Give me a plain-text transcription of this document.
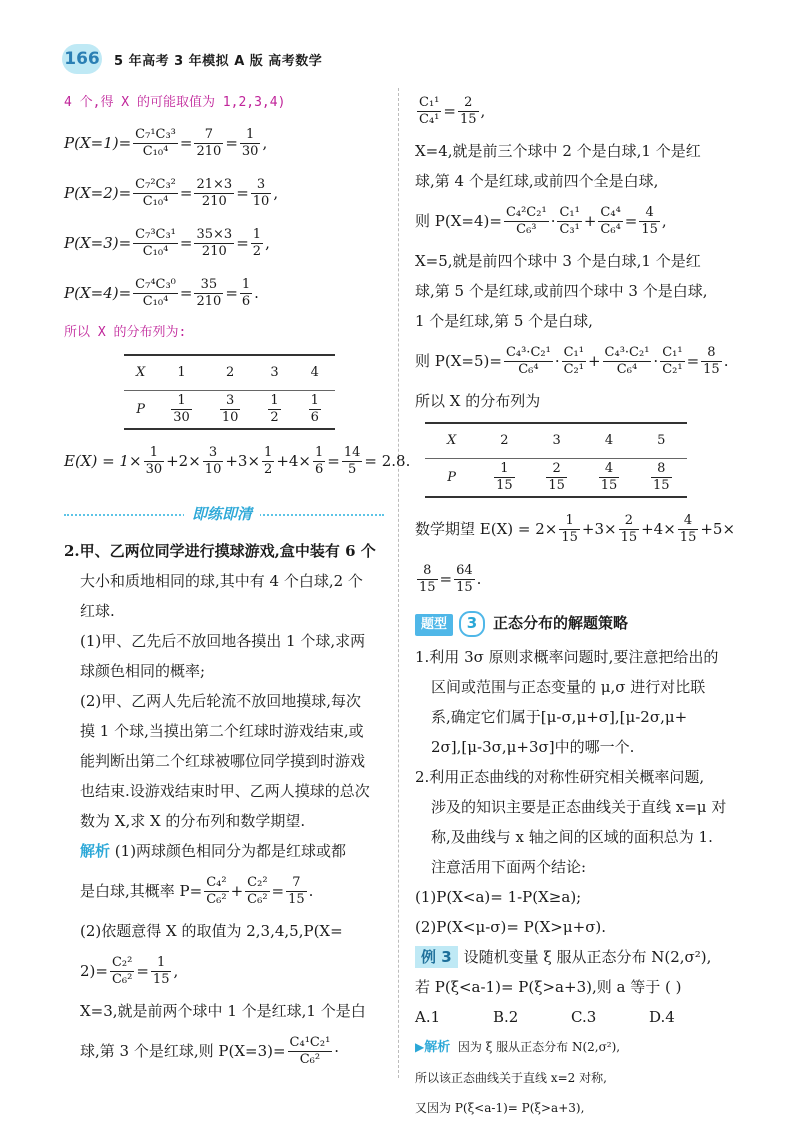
166 5 年高考 3 年模拟 A 版 高考数学
4 个,得 X 的可能取值为 1,2,3,4)
$P(X=1)= \frac{\text{C₇¹C₃³}}{\text{C₁₀⁴}} = \frac{7}{210} = \frac{1}{30}$ ,
$P(X=2)= \frac{\text{C₇²C₃²}}{\text{C₁₀⁴}} = \frac{21\times 3}{210} = \frac{3}{10}$ ,
$P(X=3)= \frac{\text{C₇³C₃¹}}{\text{C₁₀⁴}} = \frac{35\times 3}{210} = \frac{1}{2}$ ,
$P(X=4)= \frac{\text{C₇⁴C₃⁰}}{\text{C₁₀⁴}} = \frac{35}{210} = \frac{1}{6}$ .
所以 X 的分布列为:
X	1	2	3	4
P	$\frac{1}{30}$	$\frac{3}{10}$	$\frac{1}{2}$	$\frac{1}{6}$
$E(X) = 1\times \frac{1}{30} +2\times \frac{3}{10} +3\times \frac{1}{2} +4\times \frac{1}{6} = \frac{14}{5} = 2.8$.
即练即清
2.甲、乙两位同学进行摸球游戏,盒中装有 6 个
大小和质地相同的球,其中有 4 个白球,2 个
红球.
(1)甲、乙先后不放回地各摸出 1 个球,求两
球颜色相同的概率;
(2)甲、乙两人先后轮流不放回地摸球,每次
摸 1 个球,当摸出第二个红球时游戏结束,或
能判断出第二个红球被哪位同学摸到时游戏
也结束.设游戏结束时甲、乙两人摸球的总次
数为 X,求 X 的分布列和数学期望.
解析 (1)两球颜色相同分为都是红球或都
是白球,其概率 $P= \frac{\text{C₄²}}{\text{C₆²}} + \frac{\text{C₂²}}{\text{C₆²}} = \frac{7}{15}$ .
(2)依题意得 X 的取值为 2,3,4,5,P(X=
$2)= \frac{\text{C₂²}}{\text{C₆²}} = \frac{1}{15}$ ,
X=3,就是前两个球中 1 个是红球,1 个是白
球,第 3 个是红球,则 $P(X=3)= \frac{\text{C₄¹C₂¹}}{\text{C₆²}}$ ·
$\frac{\text{C₁¹}}{\text{C₄¹}} = \frac{2}{15}$ ,
X=4,就是前三个球中 2 个是白球,1 个是红
球,第 4 个是红球,或前四个全是白球,
则 $P(X=4)= \frac{\text{C₄²C₂¹}}{\text{C₆³}} \cdot \frac{\text{C₁¹}}{\text{C₃¹}} + \frac{\text{C₄⁴}}{\text{C₆⁴}} = \frac{4}{15}$ ,
X=5,就是前四个球中 3 个是白球,1 个是红
球,第 5 个是红球,或前四个球中 3 个是白球,
1 个是红球,第 5 个是白球,
则 $P(X=5)= \frac{\text{C₄³·C₂¹}}{\text{C₆⁴}} \cdot \frac{\text{C₁¹}}{\text{C₂¹}} + \frac{\text{C₄³·C₂¹}}{\text{C₆⁴}} \cdot \frac{\text{C₁¹}}{\text{C₂¹}} = \frac{8}{15}$ .
所以 X 的分布列为
X	2	3	4	5
P	$\frac{1}{15}$	$\frac{2}{15}$	$\frac{4}{15}$	$\frac{8}{15}$
数学期望 $E(X) = 2\times \frac{1}{15} +3\times \frac{2}{15} +4\times \frac{4}{15} +5\times$
$\frac{8}{15} = \frac{64}{15}$ .
题型 3 正态分布的解题策略
1.利用 3σ 原则求概率问题时,要注意把给出的
区间或范围与正态变量的 μ,σ 进行对比联
系,确定它们属于[μ-σ,μ+σ],[μ-2σ,μ+
2σ],[μ-3σ,μ+3σ]中的哪一个.
2.利用正态曲线的对称性研究相关概率问题,
涉及的知识主要是正态曲线关于直线 x=μ 对
称,及曲线与 x 轴之间的区域的面积总为 1.
注意活用下面两个结论:
(1)P(X<a)= 1-P(X≥a);
(2)P(X<μ-σ)= P(X>μ+σ).
例 3 设随机变量 ξ 服从正态分布 N(2,σ²),
若 P(ξ<a-1)= P(ξ>a+3),则 a 等于 ( )
A.1	B.2	C.3	D.4
▶解析 因为 ξ 服从正态分布 N(2,σ²),
所以该正态曲线关于直线 x=2 对称,
又因为 P(ξ<a-1)= P(ξ>a+3),
